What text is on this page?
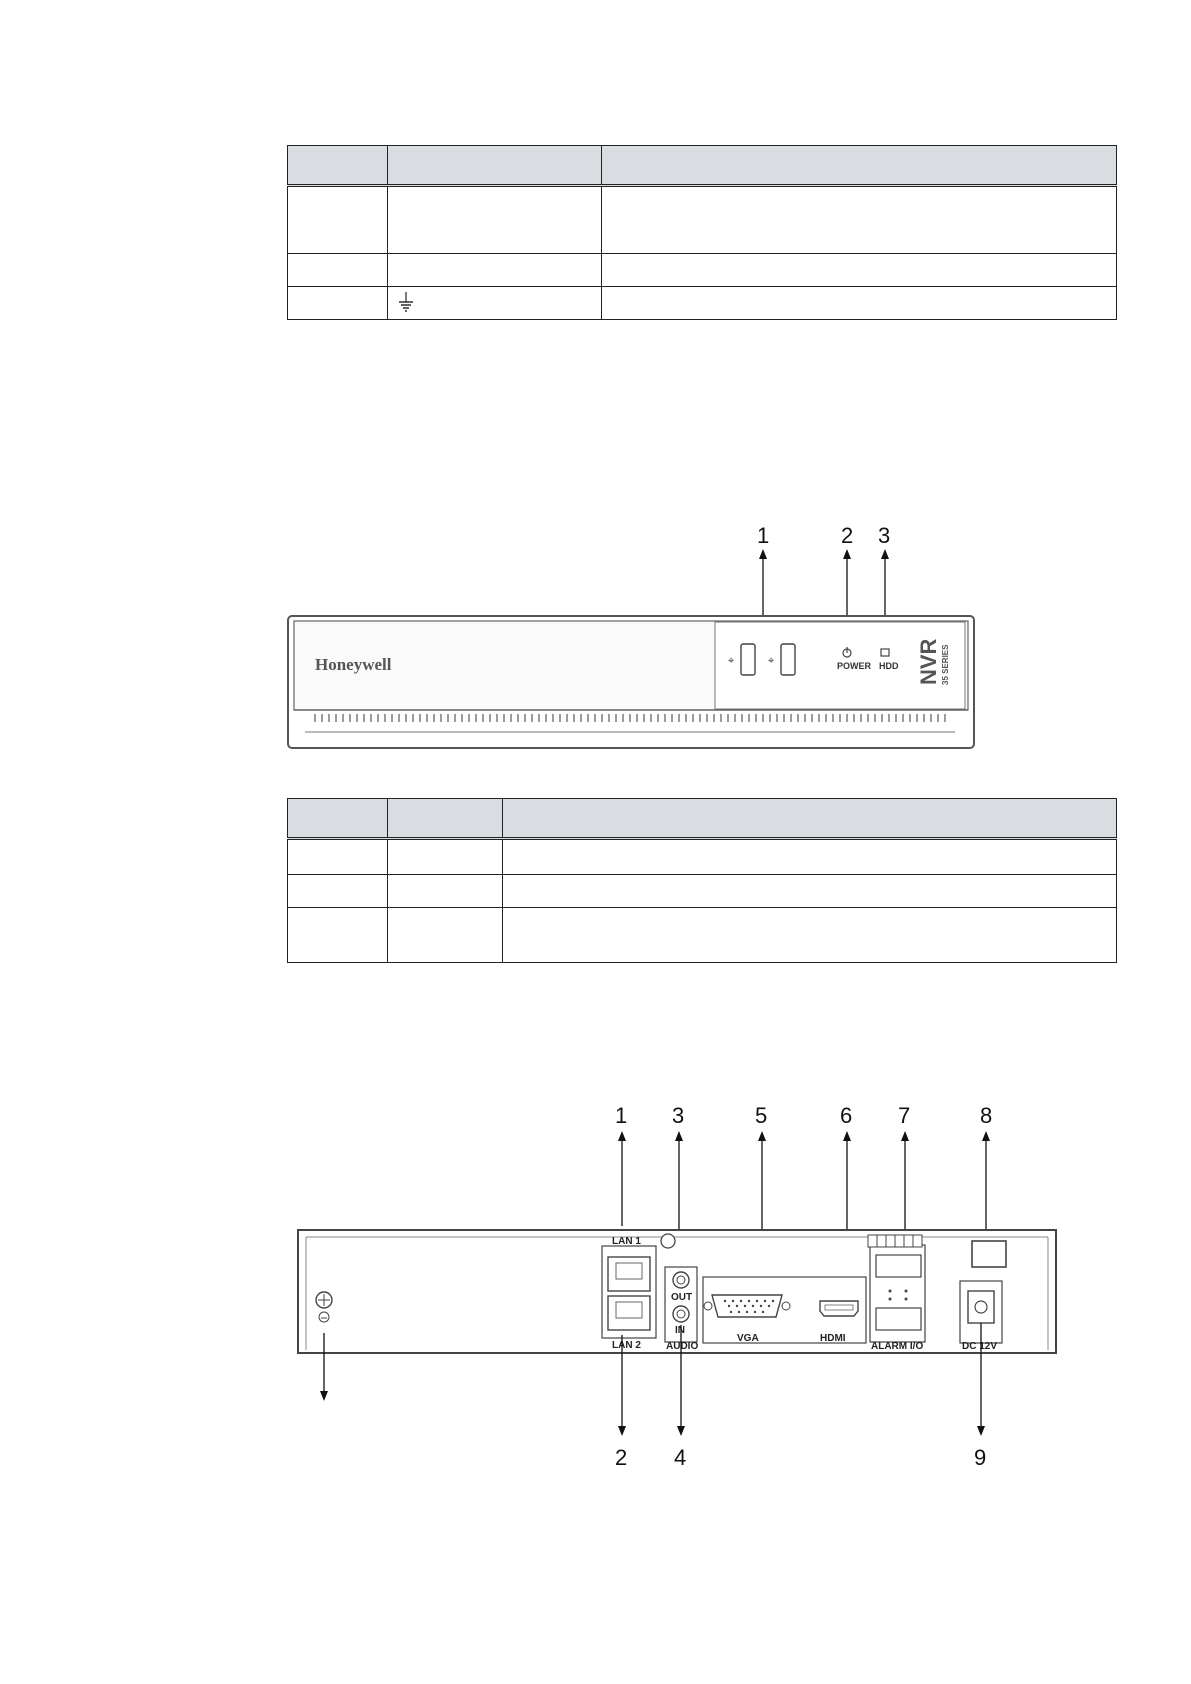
1	2 3
Honeywell	⌖	⌖	POWER HDD NVR 35 SERIES

1 3	5	6 7	8
LAN 1
LAN 2
OUT
IN
AUDIO
VGA	HDMI
ALARM I/O	DC 12V
2 4	9
